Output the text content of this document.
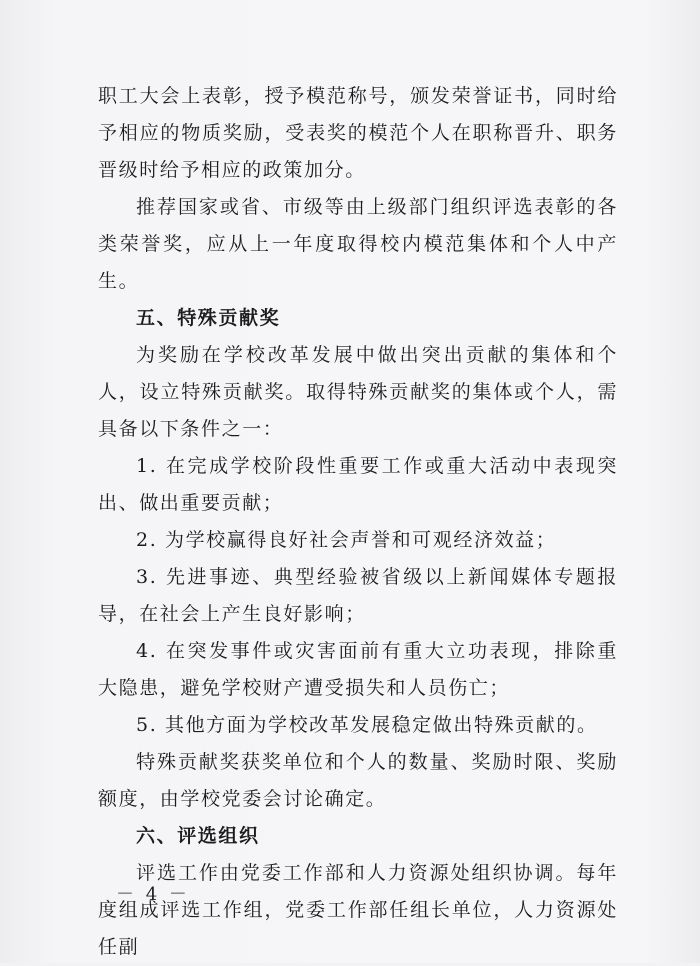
职工大会上表彰，授予模范称号，颁发荣誉证书，同时给予相应的物质奖励，受表奖的模范个人在职称晋升、职务晋级时给予相应的政策加分。

推荐国家或省、市级等由上级部门组织评选表彰的各类荣誉奖，应从上一年度取得校内模范集体和个人中产生。

五、特殊贡献奖

为奖励在学校改革发展中做出突出贡献的集体和个人，设立特殊贡献奖。取得特殊贡献奖的集体或个人，需具备以下条件之一：

1. 在完成学校阶段性重要工作或重大活动中表现突出、做出重要贡献；

2. 为学校赢得良好社会声誉和可观经济效益；

3. 先进事迹、典型经验被省级以上新闻媒体专题报导，在社会上产生良好影响；

4. 在突发事件或灾害面前有重大立功表现，排除重大隐患，避免学校财产遭受损失和人员伤亡；

5. 其他方面为学校改革发展稳定做出特殊贡献的。

特殊贡献奖获奖单位和个人的数量、奖励时限、奖励额度，由学校党委会讨论确定。

六、评选组织

评选工作由党委工作部和人力资源处组织协调。每年度组成评选工作组，党委工作部任组长单位，人力资源处任副

－ 4 －
